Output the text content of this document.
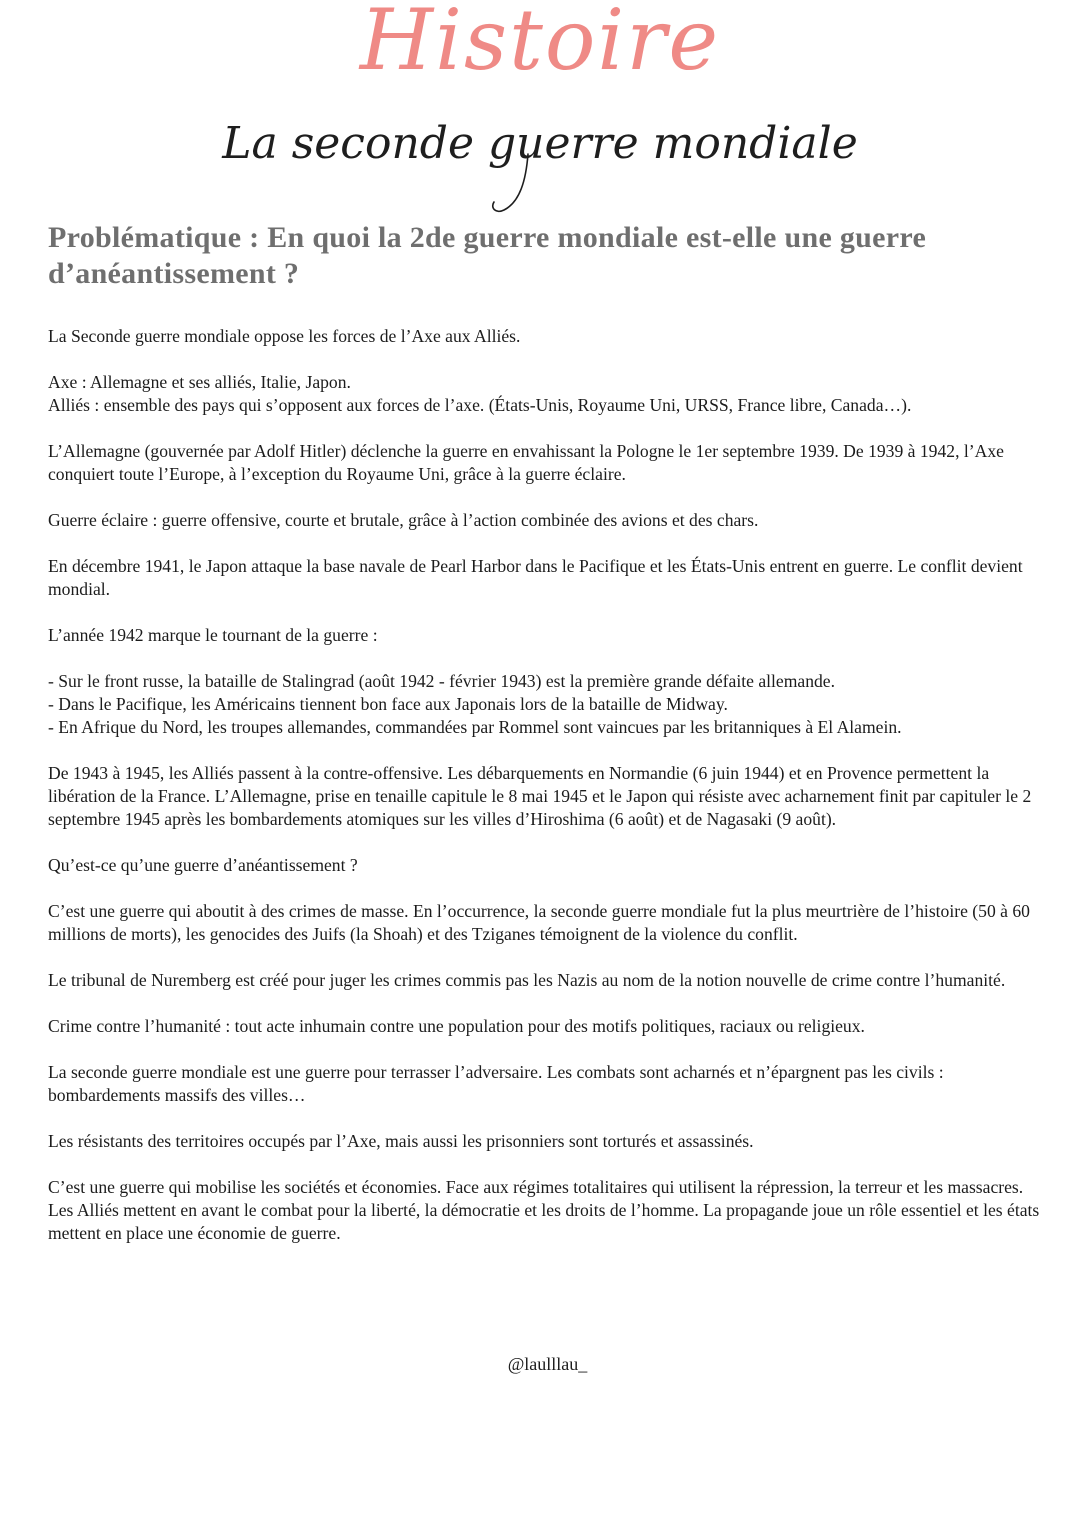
Histoire
La seconde guerre mondiale
Problématique : En quoi la 2de guerre mondiale est-elle une guerre d’anéantissement ?

La Seconde guerre mondiale oppose les forces de l’Axe aux Alliés.

Axe : Allemagne et ses alliés, Italie, Japon.
Alliés : ensemble des pays qui s’opposent aux forces de l’axe. (États-Unis, Royaume Uni, URSS, France libre, Canada…).

L’Allemagne (gouvernée par Adolf Hitler) déclenche la guerre en envahissant la Pologne le 1er septembre 1939. De 1939 à 1942, l’Axe conquiert toute l’Europe, à l’exception du Royaume Uni, grâce à la guerre éclaire.

Guerre éclaire : guerre offensive, courte et brutale, grâce à l’action combinée des avions et des chars.

En décembre 1941, le Japon attaque la base navale de Pearl Harbor dans le Pacifique et les États-Unis entrent en guerre. Le conflit devient mondial.

L’année 1942 marque le tournant de la guerre :

- Sur le front russe, la bataille de Stalingrad (août 1942 - février 1943) est la première grande défaite allemande.
- Dans le Pacifique, les Américains tiennent bon face aux Japonais lors de la bataille de Midway.
- En Afrique du Nord, les troupes allemandes, commandées par Rommel sont vaincues par les britanniques à El Alamein.

De 1943 à 1945, les Alliés passent à la contre-offensive. Les débarquements en Normandie (6 juin 1944) et en Provence permettent la libération de la France. L’Allemagne, prise en tenaille capitule le 8 mai 1945 et le Japon qui résiste avec acharnement finit par capituler le 2 septembre 1945 après les bombardements atomiques sur les villes d’Hiroshima (6 août) et de Nagasaki (9 août).

Qu’est-ce qu’une guerre d’anéantissement ?

C’est une guerre qui aboutit à des crimes de masse. En l’occurrence, la seconde guerre mondiale fut la plus meurtrière de l’histoire (50 à 60 millions de morts), les genocides des Juifs (la Shoah) et des Tziganes témoignent de la violence du conflit.

Le tribunal de Nuremberg est créé pour juger les crimes commis pas les Nazis au nom de la notion nouvelle de crime contre l’humanité.

Crime contre l’humanité : tout acte inhumain contre une population pour des motifs politiques, raciaux ou religieux.

La seconde guerre mondiale est une guerre pour terrasser l’adversaire. Les combats sont acharnés et n’épargnent pas les civils : bombardements massifs des villes…

Les résistants des territoires occupés par l’Axe, mais aussi les prisonniers sont torturés et assassinés.

C’est une guerre qui mobilise les sociétés et économies. Face aux régimes totalitaires qui utilisent la répression, la terreur et les massacres. Les Alliés mettent en avant le combat pour la liberté, la démocratie et les droits de l’homme. La propagande joue un rôle essentiel et les états mettent en place une économie de guerre.

@laulllau_
